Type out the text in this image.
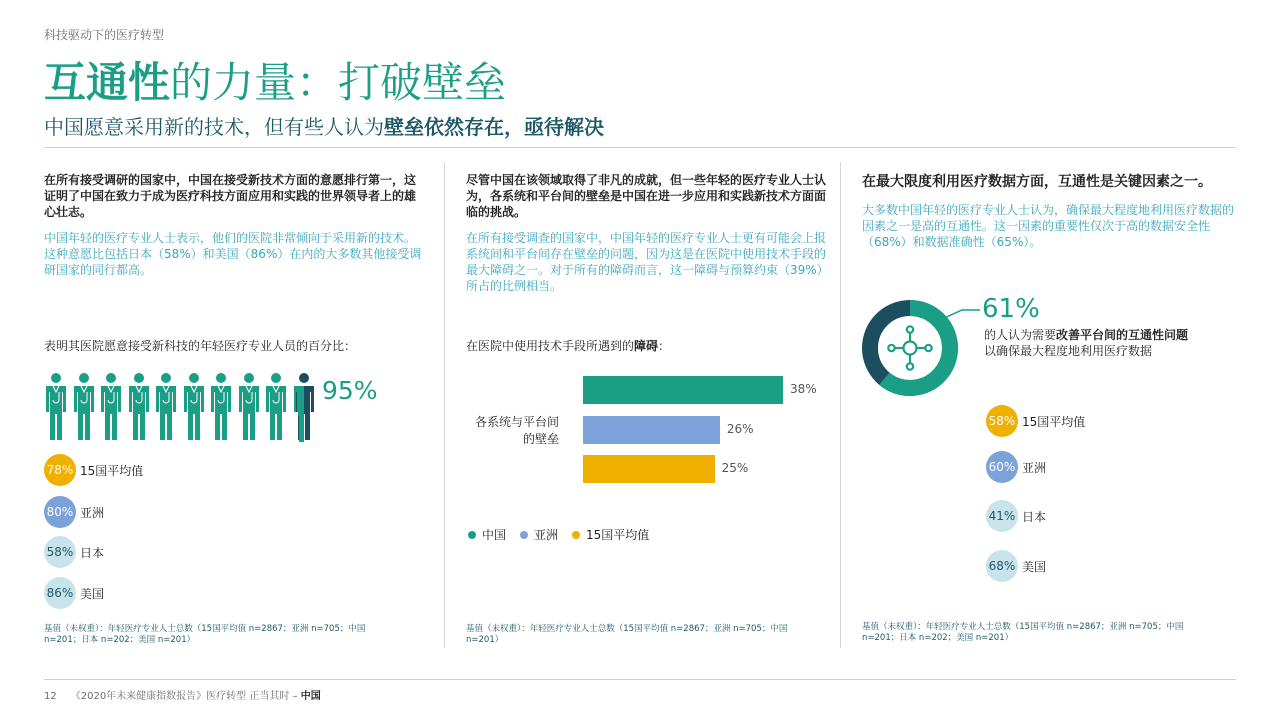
科技驱动下的医疗转型
互通性的力量：打破壁垒
中国愿意采用新的技术，但有些人认为壁垒依然存在，亟待解决

在所有接受调研的国家中，中国在接受新技术方面的意愿排行第一，这证明了中国在致力于成为医疗科技方面应用和实践的世界领导者上的雄心壮志。

中国年轻的医疗专业人士表示，他们的医院非常倾向于采用新的技术。这种意愿比包括日本（58%）和美国（86%）在内的大多数其他接受调研国家的同行都高。

表明其医院愿意接受新科技的年轻医疗专业人员的百分比：
95%
78% 15国平均值
80% 亚洲
58% 日本
86% 美国
基值（未权重）：年轻医疗专业人士总数（15国平均值 n=2867；亚洲 n=705；中国 n=201；日本 n=202；美国 n=201）

尽管中国在该领域取得了非凡的成就，但一些年轻的医疗专业人士认为，各系统和平台间的壁垒是中国在进一步应用和实践新技术方面面临的挑战。

在所有接受调查的国家中，中国年轻的医疗专业人士更有可能会上报系统间和平台间存在壁垒的问题，因为这是在医院中使用技术手段的最大障碍之一。对于所有的障碍而言，这一障碍与预算约束（39%）所占的比例相当。

在医院中使用技术手段所遇到的障碍：
各系统与平台间
的壁垒
38%
26%
25%
中国 亚洲 15国平均值
基值（未权重）：年轻医疗专业人士总数（15国平均值 n=2867；亚洲 n=705；中国 n=201）

在最大限度利用医疗数据方面，互通性是关键因素之一。

大多数中国年轻的医疗专业人士认为，确保最大程度地利用医疗数据的因素之一是高的互通性。这一因素的重要性仅次于高的数据安全性（68%）和数据准确性（65%）。

61%
的人认为需要改善平台间的互通性问题以确保最大程度地利用医疗数据
58% 15国平均值
60% 亚洲
41% 日本
68% 美国
基值（未权重）：年轻医疗专业人士总数（15国平均值 n=2867；亚洲 n=705；中国 n=201；日本 n=202；美国 n=201）
12 《2020年未来健康指数报告》医疗转型 正当其时 – 中国
